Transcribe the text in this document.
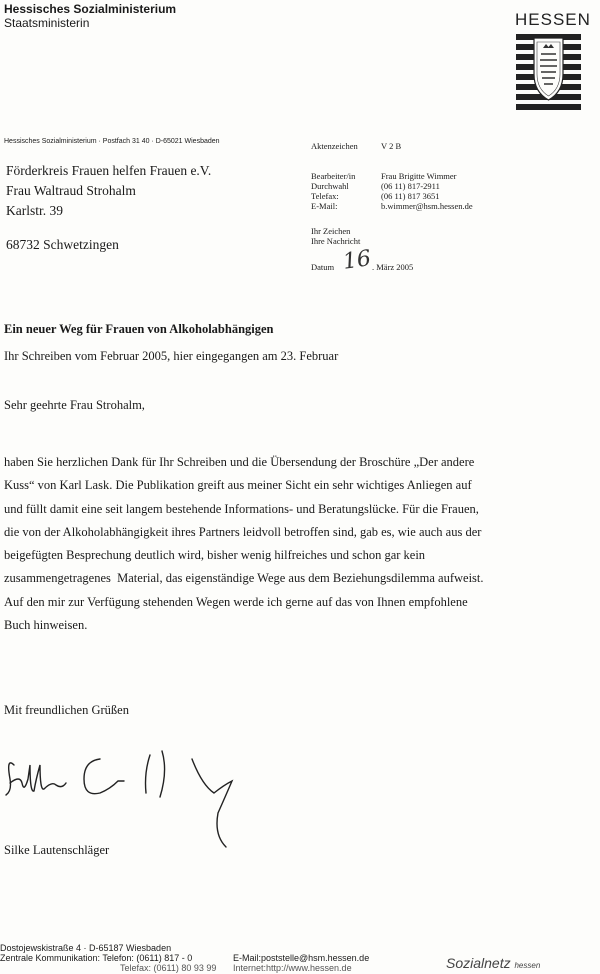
Hessisches Sozialministerium
Staatsministerin	HESSEN
Hessisches Sozialministerium · Postfach 31 40 · D-65021 Wiesbaden
Förderkreis Frauen helfen Frauen e.V.
Frau Waltraud Strohalm
Karlstr. 39
68732 Schwetzingen
Aktenzeichen	V 2 B
Bearbeiter/in	Frau Brigitte Wimmer
Durchwahl	(06 11) 817-2911
Telefax:	(06 11) 817 3651
E-Mail:	b.wimmer@hsm.hessen.de
Ihr Zeichen
Ihre Nachricht
Datum 16 . März 2005
Ein neuer Weg für Frauen von Alkoholabhängigen
Ihr Schreiben vom Februar 2005, hier eingegangen am 23. Februar
Sehr geehrte Frau Strohalm,
haben Sie herzlichen Dank für Ihr Schreiben und die Übersendung der Broschüre „Der andere
Kuss“ von Karl Lask. Die Publikation greift aus meiner Sicht ein sehr wichtiges Anliegen auf
und füllt damit eine seit langem bestehende Informations- und Beratungslücke. Für die Frauen,
die von der Alkoholabhängigkeit ihres Partners leidvoll betroffen sind, gab es, wie auch aus der
beigefügten Besprechung deutlich wird, bisher wenig hilfreiches und schon gar kein
zusammengetragenes  Material, das eigenständige Wege aus dem Beziehungsdilemma aufweist.
Auf den mir zur Verfügung stehenden Wegen werde ich gerne auf das von Ihnen empfohlene
Buch hinweisen.
Mit freundlichen Grüßen
Silke Lautenschläger
Dostojewskistraße 4 · D-65187 Wiesbaden
Zentrale Kommunikation: Telefon: (0611) 817 - 0	E-Mail:poststelle@hsm.hessen.de
Telefax: (0611) 80 93 99 Internet:http://www.hessen.de	Sozialnetz hessen
